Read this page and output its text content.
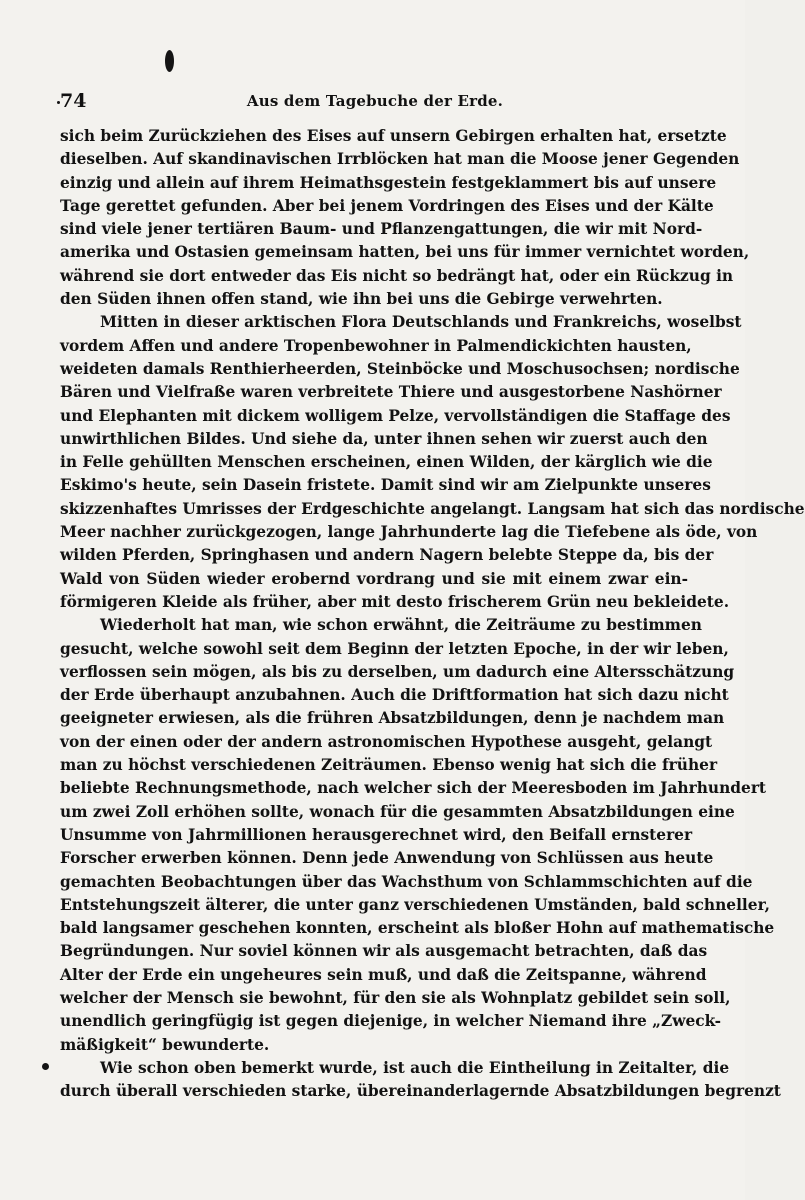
74	Aus dem Tagebuche der Erde.
sich beim Zurückziehen des Eises auf unsern Gebirgen erhalten hat, ersetzte
dieselben. Auf skandinavischen Irrblöcken hat man die Moose jener Gegenden
einzig und allein auf ihrem Heimathsgestein festgeklammert bis auf unsere
Tage gerettet gefunden. Aber bei jenem Vordringen des Eises und der Kälte
sind viele jener tertiären Baum- und Pflanzengattungen, die wir mit Nord-
amerika und Ostasien gemeinsam hatten, bei uns für immer vernichtet worden,
während sie dort entweder das Eis nicht so bedrängt hat, oder ein Rückzug in
den Süden ihnen offen stand, wie ihn bei uns die Gebirge verwehrten.
Mitten in dieser arktischen Flora Deutschlands und Frankreichs, woselbst
vordem Affen und andere Tropenbewohner in Palmendickichten hausten,
weideten damals Renthierheerden, Steinböcke und Moschusochsen; nordische
Bären und Vielfraße waren verbreitete Thiere und ausgestorbene Nashörner
und Elephanten mit dickem wolligem Pelze, vervollständigen die Staffage des
unwirthlichen Bildes. Und siehe da, unter ihnen sehen wir zuerst auch den
in Felle gehüllten Menschen erscheinen, einen Wilden, der kärglich wie die
Eskimo's heute, sein Dasein fristete. Damit sind wir am Zielpunkte unseres
skizzenhaftes Umrisses der Erdgeschichte angelangt. Langsam hat sich das nordische
Meer nachher zurückgezogen, lange Jahrhunderte lag die Tiefebene als öde, von
wilden Pferden, Springhasen und andern Nagern belebte Steppe da, bis der
Wald von Süden wieder erobernd vordrang und sie mit einem zwar ein-
förmigeren Kleide als früher, aber mit desto frischerem Grün neu bekleidete.
Wiederholt hat man, wie schon erwähnt, die Zeiträume zu bestimmen
gesucht, welche sowohl seit dem Beginn der letzten Epoche, in der wir leben,
verflossen sein mögen, als bis zu derselben, um dadurch eine Altersschätzung
der Erde überhaupt anzubahnen. Auch die Driftformation hat sich dazu nicht
geeigneter erwiesen, als die frühren Absatzbildungen, denn je nachdem man
von der einen oder der andern astronomischen Hypothese ausgeht, gelangt
man zu höchst verschiedenen Zeiträumen. Ebenso wenig hat sich die früher
beliebte Rechnungsmethode, nach welcher sich der Meeresboden im Jahrhundert
um zwei Zoll erhöhen sollte, wonach für die gesammten Absatzbildungen eine
Unsumme von Jahrmillionen herausgerechnet wird, den Beifall ernsterer
Forscher erwerben können. Denn jede Anwendung von Schlüssen aus heute
gemachten Beobachtungen über das Wachsthum von Schlammschichten auf die
Entstehungszeit älterer, die unter ganz verschiedenen Umständen, bald schneller,
bald langsamer geschehen konnten, erscheint als bloßer Hohn auf mathematische
Begründungen. Nur soviel können wir als ausgemacht betrachten, daß das
Alter der Erde ein ungeheures sein muß, und daß die Zeitspanne, während
welcher der Mensch sie bewohnt, für den sie als Wohnplatz gebildet sein soll,
unendlich geringfügig ist gegen diejenige, in welcher Niemand ihre „Zweck-
mäßigkeit“ bewunderte.
Wie schon oben bemerkt wurde, ist auch die Eintheilung in Zeitalter, die
durch überall verschieden starke, übereinanderlagernde Absatzbildungen begrenzt
